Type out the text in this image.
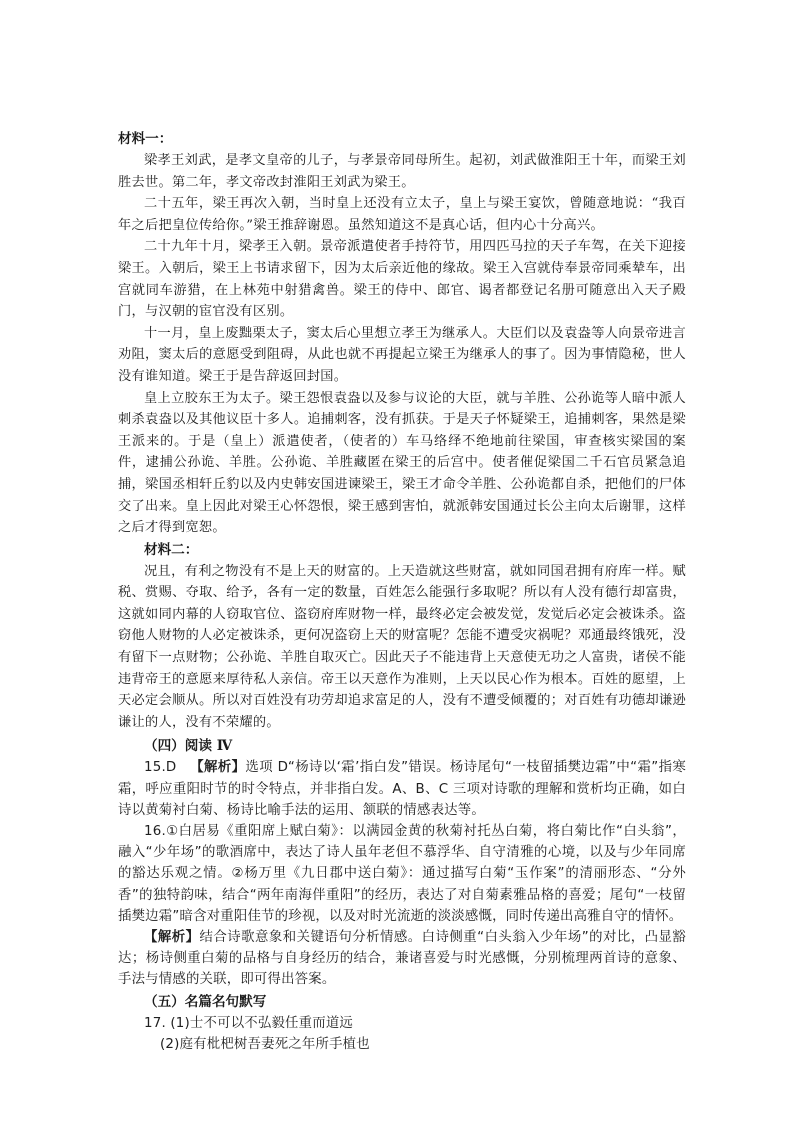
材料一：

梁孝王刘武，是孝文皇帝的儿子，与孝景帝同母所生。起初，刘武做淮阳王十年，而梁王刘胜去世。第二年，孝文帝改封淮阳王刘武为梁王。

二十五年，梁王再次入朝，当时皇上还没有立太子，皇上与梁王宴饮，曾随意地说：“我百年之后把皇位传给你。”梁王推辞谢恩。虽然知道这不是真心话，但内心十分高兴。

二十九年十月，梁孝王入朝。景帝派遣使者手持符节，用四匹马拉的天子车驾，在关下迎接梁王。入朝后，梁王上书请求留下，因为太后亲近他的缘故。梁王入宫就侍奉景帝同乘辇车，出宫就同车游猎，在上林苑中射猎禽兽。梁王的侍中、郎官、谒者都登记名册可随意出入天子殿门，与汉朝的宦官没有区别。

十一月，皇上废黜栗太子，窦太后心里想立孝王为继承人。大臣们以及袁盎等人向景帝进言劝阻，窦太后的意愿受到阻碍，从此也就不再提起立梁王为继承人的事了。因为事情隐秘，世人没有谁知道。梁王于是告辞返回封国。

皇上立胶东王为太子。梁王怨恨袁盎以及参与议论的大臣，就与羊胜、公孙诡等人暗中派人刺杀袁盎以及其他议臣十多人。追捕刺客，没有抓获。于是天子怀疑梁王，追捕刺客，果然是梁王派来的。于是（皇上）派遣使者，（使者的）车马络绎不绝地前往梁国，审查核实梁国的案件，逮捕公孙诡、羊胜。公孙诡、羊胜藏匿在梁王的后宫中。使者催促梁国二千石官员紧急追捕，梁国丞相轩丘豹以及内史韩安国进谏梁王，梁王才命令羊胜、公孙诡都自杀，把他们的尸体交了出来。皇上因此对梁王心怀怨恨，梁王感到害怕，就派韩安国通过长公主向太后谢罪，这样之后才得到宽恕。

材料二：

况且，有利之物没有不是上天的财富的。上天造就这些财富，就如同国君拥有府库一样。赋税、赏赐、夺取、给予，各有一定的数量，百姓怎么能强行多取呢？所以有人没有德行却富贵，这就如同内幕的人窃取官位、盗窃府库财物一样，最终必定会被发觉，发觉后必定会被诛杀。盗窃他人财物的人必定被诛杀，更何况盗窃上天的财富呢？怎能不遭受灾祸呢？邓通最终饿死，没有留下一点财物；公孙诡、羊胜自取灭亡。因此天子不能违背上天意使无功之人富贵，诸侯不能违背帝王的意愿来厚待私人亲信。帝王以天意作为准则，上天以民心作为根本。百姓的愿望，上天必定会顺从。所以对百姓没有功劳却追求富足的人，没有不遭受倾覆的；对百姓有功德却谦逊谦让的人，没有不荣耀的。

（四）阅读 Ⅳ

15.D  【解析】选项 D“杨诗以‘霜’指白发”错误。杨诗尾句“一枝留插樊边霜”中“霜”指寒霜，呼应重阳时节的时令特点，并非指白发。A、B、C 三项对诗歌的理解和赏析均正确，如白诗以黄菊衬白菊、杨诗比喻手法的运用、颔联的情感表达等。

16.①白居易《重阳席上赋白菊》：以满园金黄的秋菊衬托丛白菊，将白菊比作“白头翁”，融入“少年场”的歌酒席中，表达了诗人虽年老但不慕浮华、自守清雅的心境，以及与少年同席的豁达乐观之情。②杨万里《九日郡中送白菊》：通过描写白菊“玉作案”的清丽形态、“分外香”的独特韵味，结合“两年南海伴重阳”的经历，表达了对自菊素雅品格的喜爱；尾句“一枝留插樊边霜”暗含对重阳佳节的珍视，以及对时光流逝的淡淡感慨，同时传递出高雅自守的情怀。

【解析】结合诗歌意象和关键语句分析情感。白诗侧重“白头翁入少年场”的对比，凸显豁达；杨诗侧重白菊的品格与自身经历的结合，兼诸喜爱与时光感慨，分别梳理两首诗的意象、手法与情感的关联，即可得出答案。

（五）名篇名句默写

17. (1)士不可以不弘毅任重而道远

(2)庭有枇杷树吾妻死之年所手植也
